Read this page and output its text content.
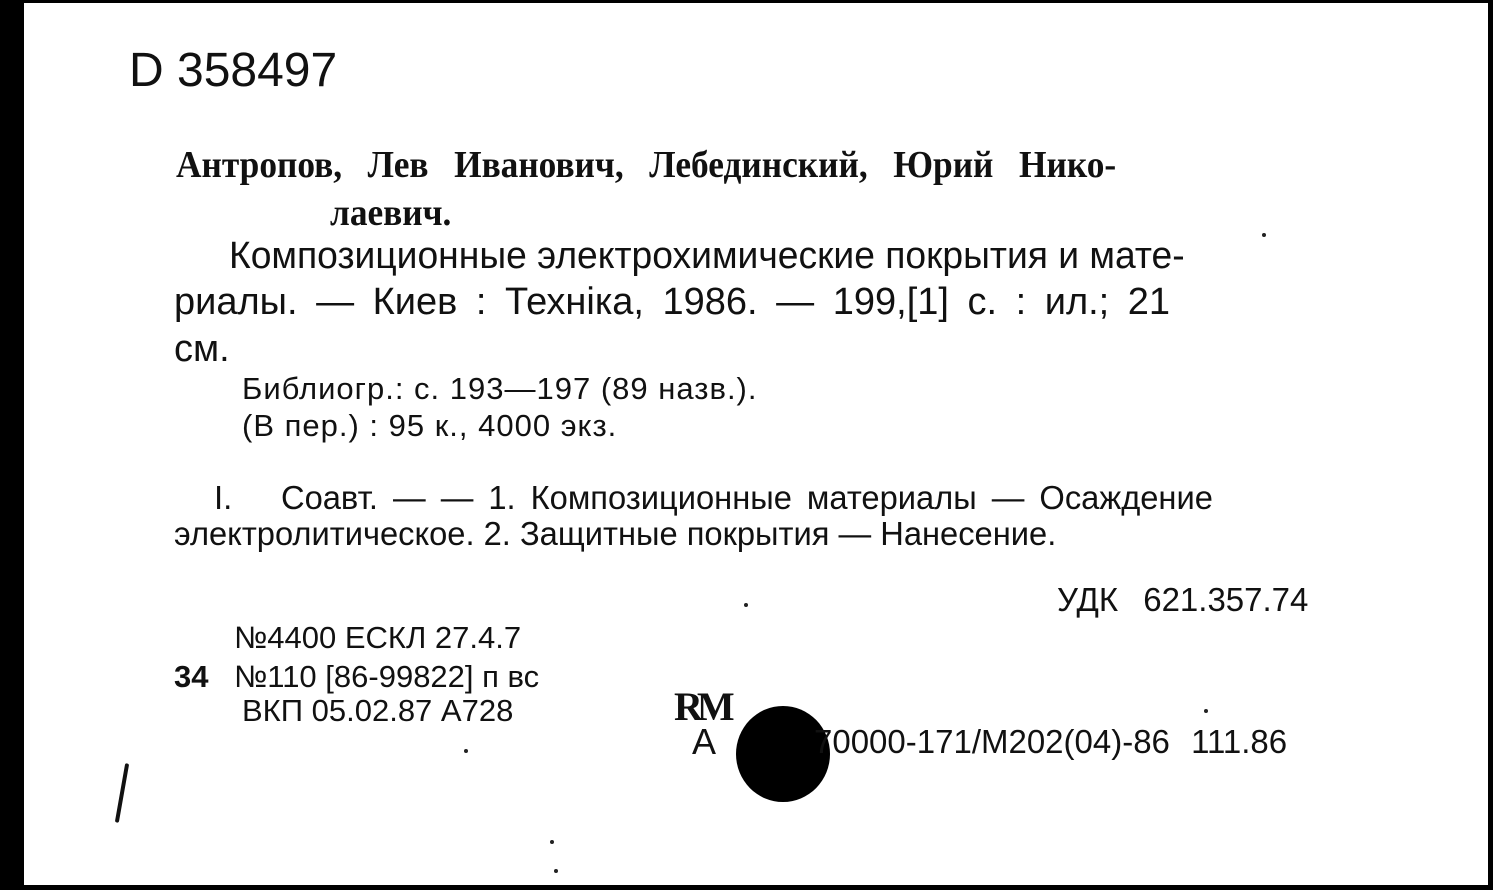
D 358497
Антропов, Лев Иванович, Лебединский, Юрий Нико-
лаевич.
Композиционные электрохимические покрытия и мате-
риалы. — Киев : Техніка, 1986. — 199,[1] с. : ил.; 21
см.
Библиогр.: с. 193—197 (89 назв.).
(В пер.) : 95 к., 4000 экз.
I. Соавт. — — 1. Композиционные материалы — Осаждение
электролитическое. 2. Защитные покрытия — Нанесение.
УДК 621.357.74
№4400 ЕСКЛ 27.4.7
34 №110 [86-99822] п вс
ВКП 05.02.87 А728	RM
А	70000-171/М202(04)-86 111.86
